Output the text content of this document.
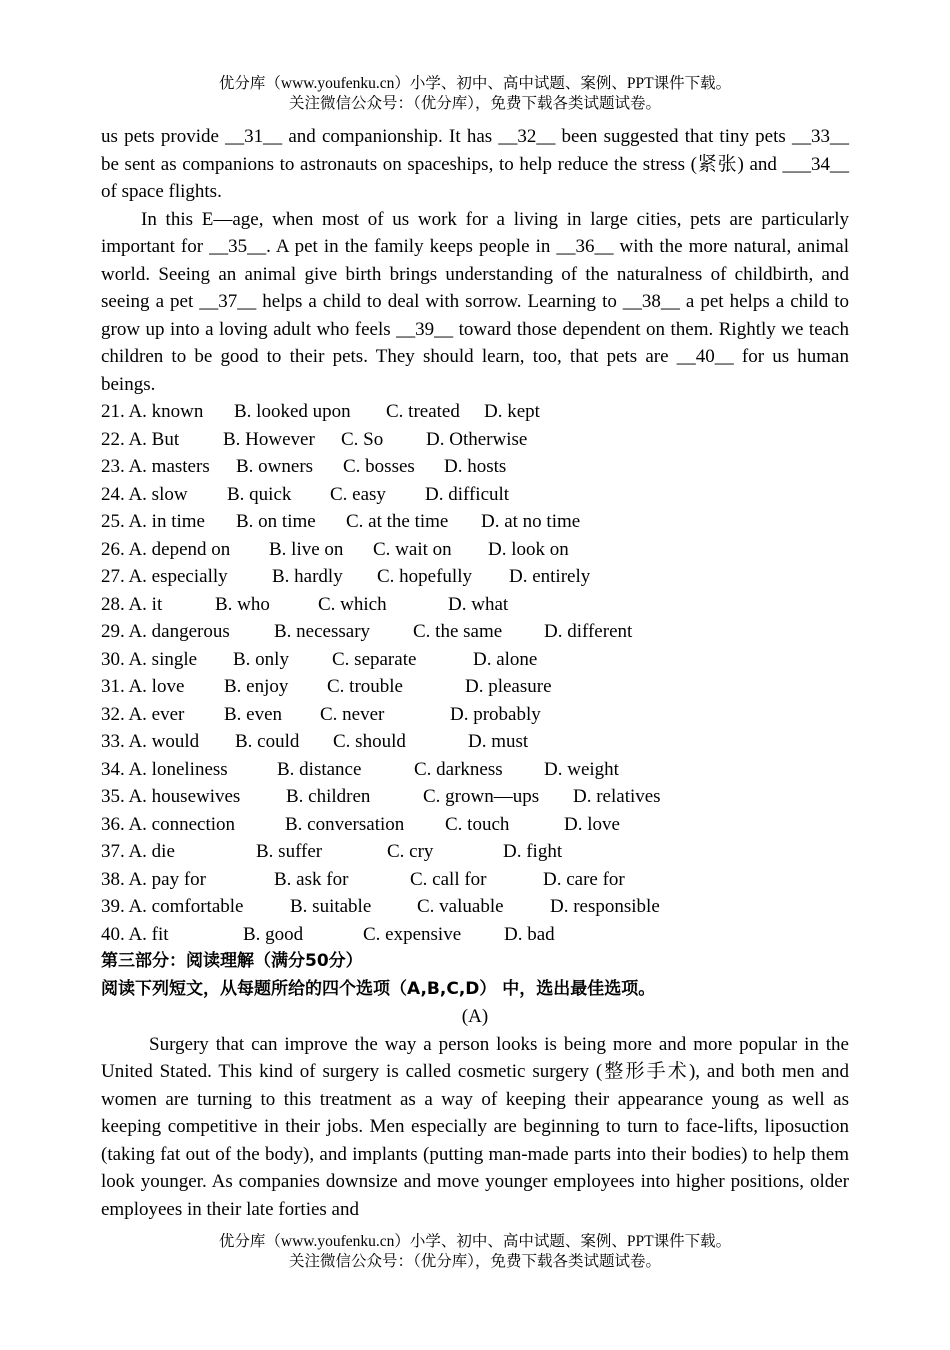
优分库（www.youfenku.cn）小学、初中、高中试题、案例、PPT课件下载。
关注微信公众号：（优分库），免费下载各类试题试卷。

us pets provide __31__ and companionship. It has __32__ been suggested that tiny pets __33__ be sent as companions to astronauts on spaceships, to help reduce the stress (紧张) and ___34__ of space flights.

In this E—age, when most of us work for a living in large cities, pets are particularly important for __35__. A pet in the family keeps people in __36__ with the more natural, animal world. Seeing an animal give birth brings understanding of the naturalness of childbirth, and seeing a pet __37__ helps a child to deal with sorrow. Learning to __38__ a pet helps a child to grow up into a loving adult who feels __39__ toward those dependent on them. Rightly we teach children to be good to their pets. They should learn, too, that pets are __40__ for us human beings.

21. A. known B. looked upon C. treated D. kept
22. A. But B. However C. So D. Otherwise
23. A. masters B. owners C. bosses D. hosts
24. A. slow B. quick C. easy D. difficult
25. A. in time B. on time C. at the time D. at no time
26. A. depend on B. live on C. wait on D. look on
27. A. especially B. hardly C. hopefully D. entirely
28. A. it	B. who	C. which	D. what
29. A. dangerous B. necessary C. the same D. different
30. A. single B. only C. separate	D. alone
31. A. love B. enjoy C. trouble	D. pleasure
32. A. ever B. even C. never	D. probably
33. A. would B. could C. should	D. must
34. A. loneliness	B. distance	C. darkness D. weight
35. A. housewives B. children	C. grown—ups D. relatives
36. A. connection	B. conversation C. touch	D. love
37. A. die	B. suffer	C. cry	D. fight
38. A. pay for	B. ask for	C. call for	D. care for
39. A. comfortable B. suitable C. valuable D. responsible
40. A. fit	B. good	C. expensive D. bad
第三部分：阅读理解（满分50分）
阅读下列短文，从每题所给的四个选项（A,B,C,D） 中，选出最佳选项。
(A)

Surgery that can improve the way a person looks is being more and more popular in the United Stated. This kind of surgery is called cosmetic surgery (整形手术), and both men and women are turning to this treatment as a way of keeping their appearance young as well as keeping competitive in their jobs. Men especially are beginning to turn to face-lifts, liposuction (taking fat out of the body), and implants (putting man-made parts into their bodies) to help them look younger. As companies downsize and move younger employees into higher positions, older employees in their late forties and

优分库（www.youfenku.cn）小学、初中、高中试题、案例、PPT课件下载。
关注微信公众号：（优分库），免费下载各类试题试卷。
